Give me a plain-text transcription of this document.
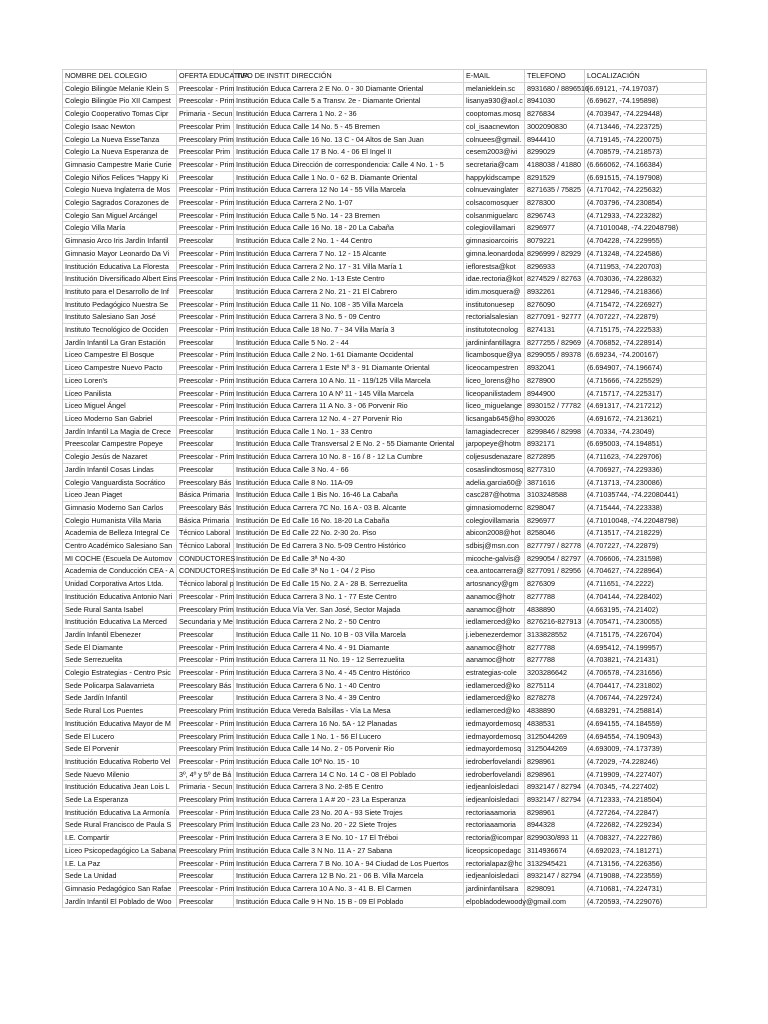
NOMBRE DEL COLEGIO	OFERTA EDUCATIVA	TIPO DE INSTIT DIRECCIÓN	E-MAIL	TELEFONO	LOCALIZACIÓN
Colegio Bilingüe Melanie Klein S	Preescolar - Prim	Institución Educa Carrera 2 E No. 0 - 30 Diamante Oriental	melanieklein.sc	8931680 / 8896516	(6.69121, -74.197037)
Colegio Bilingüe Pio XII Campest	Preescolar - Prim	Institución Educa Calle 5 a Transv. 2e - Diamante Oriental	lisanya930@aol.c	8941030	(6.69627, -74.195898)
Colegio Cooperativo Tomas Cipr	Primaria - Secun	Institución Educa Carrera 1 No. 2 - 36	cooptomas.mosq	8276834	(4.703947, -74.229448)
Colegio Isaac Newton	Preescolar Prim	Institución Educa Calle 14 No. 5 - 45 Bremen	col_isaacnewton	3002090830	(4.713446, -74.223725)
Colegio La Nueva EsseTanza	Preescolary Prim	Institución Educa Calle 16 No. 13 C - 04 Altos de San Juan	colnuees@gmail.	8944410	(4.719145, -74.220075)
Colegio La Nueva Esperanza de	Preescolar Prim	Institución Educa Calle 17 B No. 4 - 06 El Ingel II	cesem2003@ivi	8299029	(4.708579, -74.218573)
Gimnasio Campestre Marie Curie	Preescolar - Prim	Institución Educa Dirección de correspondencia: Calle 4 No. 1 - 5	secretaria@cam	4188038 / 41880	(6.666062, -74.166384)
Colegio Niños Felices "Happy Ki	Preescolar	Institución Educa Calle 1 No. 0 - 62 B. Diamante Oriental	happykidscampe	8291529	(6.691515, -74.197908)
Colegio Nueva Inglaterra de Mos	Preescolar - Prim	Institución Educa Carrera 12 No 14 - 55 Villa Marcela	colnuevainglater	8271635 / 75825	(4.717042, -74.225632)
Colegio Sagrados Corazones de	Preescolar - Prim	Institución Educa Carrera 2 No. 1-07	colsacomosquer	8278300	(4.703796, -74.230854)
Colegio San Miguel Arcángel	Preescolar - Prim	Institución Educa Calle 5 No. 14 - 23 Bremen	colsanmiguelarc	8296743	(4.712933, -74.223282)
Colegio Villa María	Preescolar - Prim	Institución Educa Calle 16 No. 18 - 20 La Cabaña	colegiovillamari	8296977	(4.71010048, -74.22048798)
Gimnasio Arco Iris Jardín Infantil	Preescolar	Institución Educa Calle 2 No. 1 - 44 Centro	gimnasioarcoiris	8079221	(4.704228, -74.229955)
Gimnasio Mayor Leonardo Da Vi	Preescolar - Prim	Institución Educa Carrera 7 No. 12 - 15 Alcante	gimna.leonardoda	8296999 / 82929	(4.713248, -74.224586)
Institución Educativa La Floresta	Preescolar - Prim	Institución Educa Carrera 2 No. 17 - 31 Villa María 1	ieflorestsa@kot	8296933	(4.711953, -74.220703)
Institución Diversificado Albert Eins	Preescolar - Prim	Institución Educa Calle 2 No. 1-13 Este Centro	idae.rectoria@kot	8274529 / 82763	(4.703036, -74.228632)
Instituto para el Desarrollo de Inf	Preescolar	Institución Educa Carrera 2 No. 21 - 21 El Cabrero	idim.mosquera@	8932261	(4.712946, -74.218366)
Instituto Pedagógico Nuestra Se	Preescolar - Prim	Institución Educa Calle 11 No. 108 - 35 Villa Marcela	institutonuesep	8276090	(4.715472, -74.226927)
Instituto Salesiano San José	Preescolar - Prim	Institución Educa Carrera 3 No. 5 - 09 Centro	rectorialsalesian	8277091 - 92777	(4.707227, -74.22879)
Instituto Tecnológico de Occiden	Preescolar - Prim	Institución Educa Calle 18 No. 7 - 34 Villa María 3	institutotecnolog	8274131	(4.715175, -74.222533)
Jardín Infantil La Gran Estación	Preescolar	Institución Educa Calle 5 No. 2 - 44	jardininfantillagra	8277255 / 82969	(4.706852, -74.228914)
Liceo Campestre El Bosque	Preescolar - Prim	Institución Educa Calle 2 No. 1-61 Diamante Occidental	licambosque@ya	8299055 / 89378	(6.69234, -74.200167)
Liceo Campestre Nuevo Pacto	Preescolar - Prim	Institución Educa Carrera 1 Este Nº 3 - 91 Diamante Oriental	liceocampestren	8932041	(6.694907, -74.196674)
Liceo Loren's	Preescolar - Prim	Institución Educa Carrera 10 A No. 11 - 119/125 Villa Marcela	liceo_lorens@ho	8278900	(4.715666, -74.225529)
Liceo Panilista	Preescolar - Prim	Institución Educa Carrera 10 A Nº 11 - 145 Villa Marcela	liceopanilistadem	8944900	(4.715717, -74.225317)
Liceo Miguel Ángel	Preescolar - Prim	Institución Educa Carrera 11 A No. 3 - 06 Porvenir Rio	liceo_miguelange	8930152 / 77782	(4.691317, -74.217212)
Liceo Moderno San Gabriel	Preescolar - Prim	Institución Educa Carrera 12 No. 4 - 27 Porvenir Rio	licsangab645@ho	8930026	(4.691672, -74.213621)
Jardín Infantil La Magia de Crece	Preescolar	Institución Educa Calle 1 No. 1 - 33 Centro	lamagiadecrecer	8299846 / 82998	(4.70334, -74.23049)
Preescolar Campestre Popeye	Preescolar	Institución Educa Calle Transversal 2 E No. 2 - 55 Diamante Oriental	jarpopeye@hotm	8932171	(6.695003, -74.194851)
Colegio Jesús de Nazaret	Preescolar - Prim	Institución Educa Carrera 10 No. 8 - 16 / 8 - 12 La Cumbre	coljesusdenazare	8272895	(4.711623, -74.229706)
Jardín Infantil Cosas Lindas	Preescolar	Institución Educa Calle 3 No. 4 - 66	cosaslindtosmosq	8277310	(4.706927, -74.229336)
Colegio Vanguardista Socrático	Preescolary Bás	Institución Educa Calle 8 No. 11A-09	adelia.garcia60@	3871616	(4.713713, -74.230086)
Liceo Jean Piaget	Básica Primaria	Institución Educa Calle 1 Bis No. 16-46 La Cabaña	casc287@hotma	3103248588	(4.71035744, -74.22080441)
Gimnasio Moderno San Carlos	Preescolary Bás	Institución Educa Carrera 7C No. 16 A - 03 B. Alcante	gimnasiomodernc	8298047	(4.715444, -74.223338)
Colegio Humanista Villa Maria	Básica Primaria	Institución De Ed Calle 16 No. 18-20 La Cabaña	colegiovillamaria	8296977	(4.71010048, -74.22048798)
Academia de Belleza Integral Ce	Técnico Laboral	Institución De Ed Calle 22 No. 2-30 2o. Piso	abicon2008@hot	8258046	(4.713517, -74.218229)
Centro Académico Salesiano San	Técnico Laboral	Institución De Ed Carrera 3 No. 5-09 Centro Histórico	sdbisj@msn.con	8277797 / 82778	(4.707227, -74.22879)
MI COCHE (Escuela De Automov	CONDUCTORES	Institución De Ed Calle 3ª No 4-30	micoche-galvis@	8299054 / 82797	(4.706606, -74.231598)
Academia de Conducción CEA - A	CONDUCTORES	Institución De Ed Calle 3ª No 1 - 04 / 2 Piso	cea.antocarrera@	8277091 / 82956	(4.704627, -74.228964)
Unidad Corporativa Artos Ltda.	Técnico laboral p	Institución De Ed Calle 15 No. 2 A - 28 B. Serrezuelita	artosnancy@gm	8276309	(4.711651, -74.2222)
Institución Educativa Antonio Nari	Preescolar - Prim	Institución Educa Carrera 3 No. 1 - 77 Este Centro	aanamoc@hotr	8277788	(4.704144, -74.228402)
Sede Rural Santa Isabel	Preescolary Prim	Institución Educa Vía Ver. San José, Sector Majada	aanamoc@hotr	4838890	(4.663195, -74.21402)
Institución Educativa La Merced	Secundaria y Me	Institución Educa Carrera 2 No. 2 - 50 Centro	iedlamerced@ko	8276216-827913	(4.705471, -74.230055)
Jardín Infantil Ebenezer	Preescolar	Institución Educa Calle 11 No. 10 B - 03 Villa Marcela	j.iebenezerdemor	3133828552	(4.715175, -74.226704)
Sede El Diamante	Preescolar - Prim	Institución Educa Carrera 4 No. 4 - 91 Diamante	aanamoc@hotr	8277788	(4.695412, -74.199957)
Sede Serrezuelita	Preescolar - Prim	Institución Educa Carrera 11 No. 19 - 12 Serrezuelita	aanamoc@hotr	8277788	(4.703821, -74.21431)
Colegio Estrategias - Centro Psic	Preescolar - Prim	Institución Educa Carrera 3 No. 4 - 45 Centro Histórico	estrategias-cole	3203286642	(4.706578, -74.231656)
Sede Policarpa Salavarrieta	Preescolary Bás	Institución Educa Carrera 6 No. 1 - 40 Centro	iedlamerced@ko	8275114	(4.704417, -74.231802)
Sede Jardín Infantil	Preescolar	Institución Educa Carrera 3 No. 4 - 39 Centro	iedlamerced@ko	8278278	(4.706744, -74.229724)
Sede Rural Los Puentes	Preescolary Prim	Institución Educa Vereda Balsillas - Vía La Mesa	iedlamerced@ko	4838890	(4.683291, -74.258814)
Institución Educativa Mayor de M	Preescolar - Prim	Institución Educa Carrera 16 No. 5A - 12 Planadas	iedmayordemosq	4838531	(4.694155, -74.184559)
Sede El Lucero	Preescolary Prim	Institución Educa Calle 1 No. 1 - 56 El Lucero	iedmayordemosq	3125044269	(4.694554, -74.190943)
Sede El Porvenir	Preescolary Prim	Institución Educa Calle 14 No. 2 - 05 Porvenir Rio	iedmayordemosq	3125044269	(4.693009, -74.173739)
Institución Educativa Roberto Vel	Preescolar - Prim	Institución Educa Calle 10ª No. 15 - 10	iedroberfovelandi	8298961	(4.72029, -74.228246)
Sede Nuevo Milenio	3º, 4º y 5º de Bá	Institución Educa Carrera 14 C No. 14 C - 08 El Poblado	iedroberfovelandi	8298961	(4.719909, -74.227407)
Institución Educativa Jean Lois L	Primaria - Secun	Institución Educa Carrera 3 No. 2-85 E Centro	iedjeanloisledaci	8932147 / 82794	(4.70345, -74.227402)
Sede La Esperanza	Preescolary Prim	Institución Educa Carrera 1 A # 20 - 23 La Esperanza	iedjeanloisledaci	8932147 / 82794	(4.712333, -74.218504)
Institución Educativa La Armonía	Preescolar - Prim	Institución Educa Calle 23 No. 20 A - 93 Siete Trojes	rectoriaaamoria	8298961	(4.727264, -74.22847)
Sede Rural Francisco de Paula S	Preescolary Prim	Institución Educa Calle 23 No. 20 - 22 Siete Trojes	rectoriaaamoria	8944328	(4.722682, -74.229234)
I.E. Compartir	Preescolar - Prim	Institución Educa Carrera 3 E No. 10 - 17 El Tréboi	rectoria@icompar	8299030/893 11	(4.708327, -74.222786)
Liceo Psicopedagógico La Sabana	Preescolary Prim	Institución Educa Calle 3 N No. 11 A - 27 Sabana	liceopsicopedagc	3114936674	(4.692023, -74.181271)
I.E. La Paz	Preescolar - Prim	Institución Educa Carrera 7 B No. 10 A - 94 Ciudad de Los Puertos	rectorialapaz@hc	3132945421	(4.713156, -74.226356)
Sede La Unidad	Preescolar	Institución Educa Carrera 12 B No. 21 - 06 B. Villa Marcela	iedjeanloisledaci	8932147 / 82794	(4.719088, -74.223559)
Gimnasio Pedagógico San Rafae	Preescolar - Prim	Institución Educa Carrera 10 A No. 3 - 41 B. El Carmen	jardininfantilsara	8298091	(4.710681, -74.224731)
Jardín Infantil El Poblado de Woo	Preescolar	Institución Educa Calle 9 H No. 15 B - 09 El Poblado	elpobladodewoody@gmail.com		(4.720593, -74.229076)
